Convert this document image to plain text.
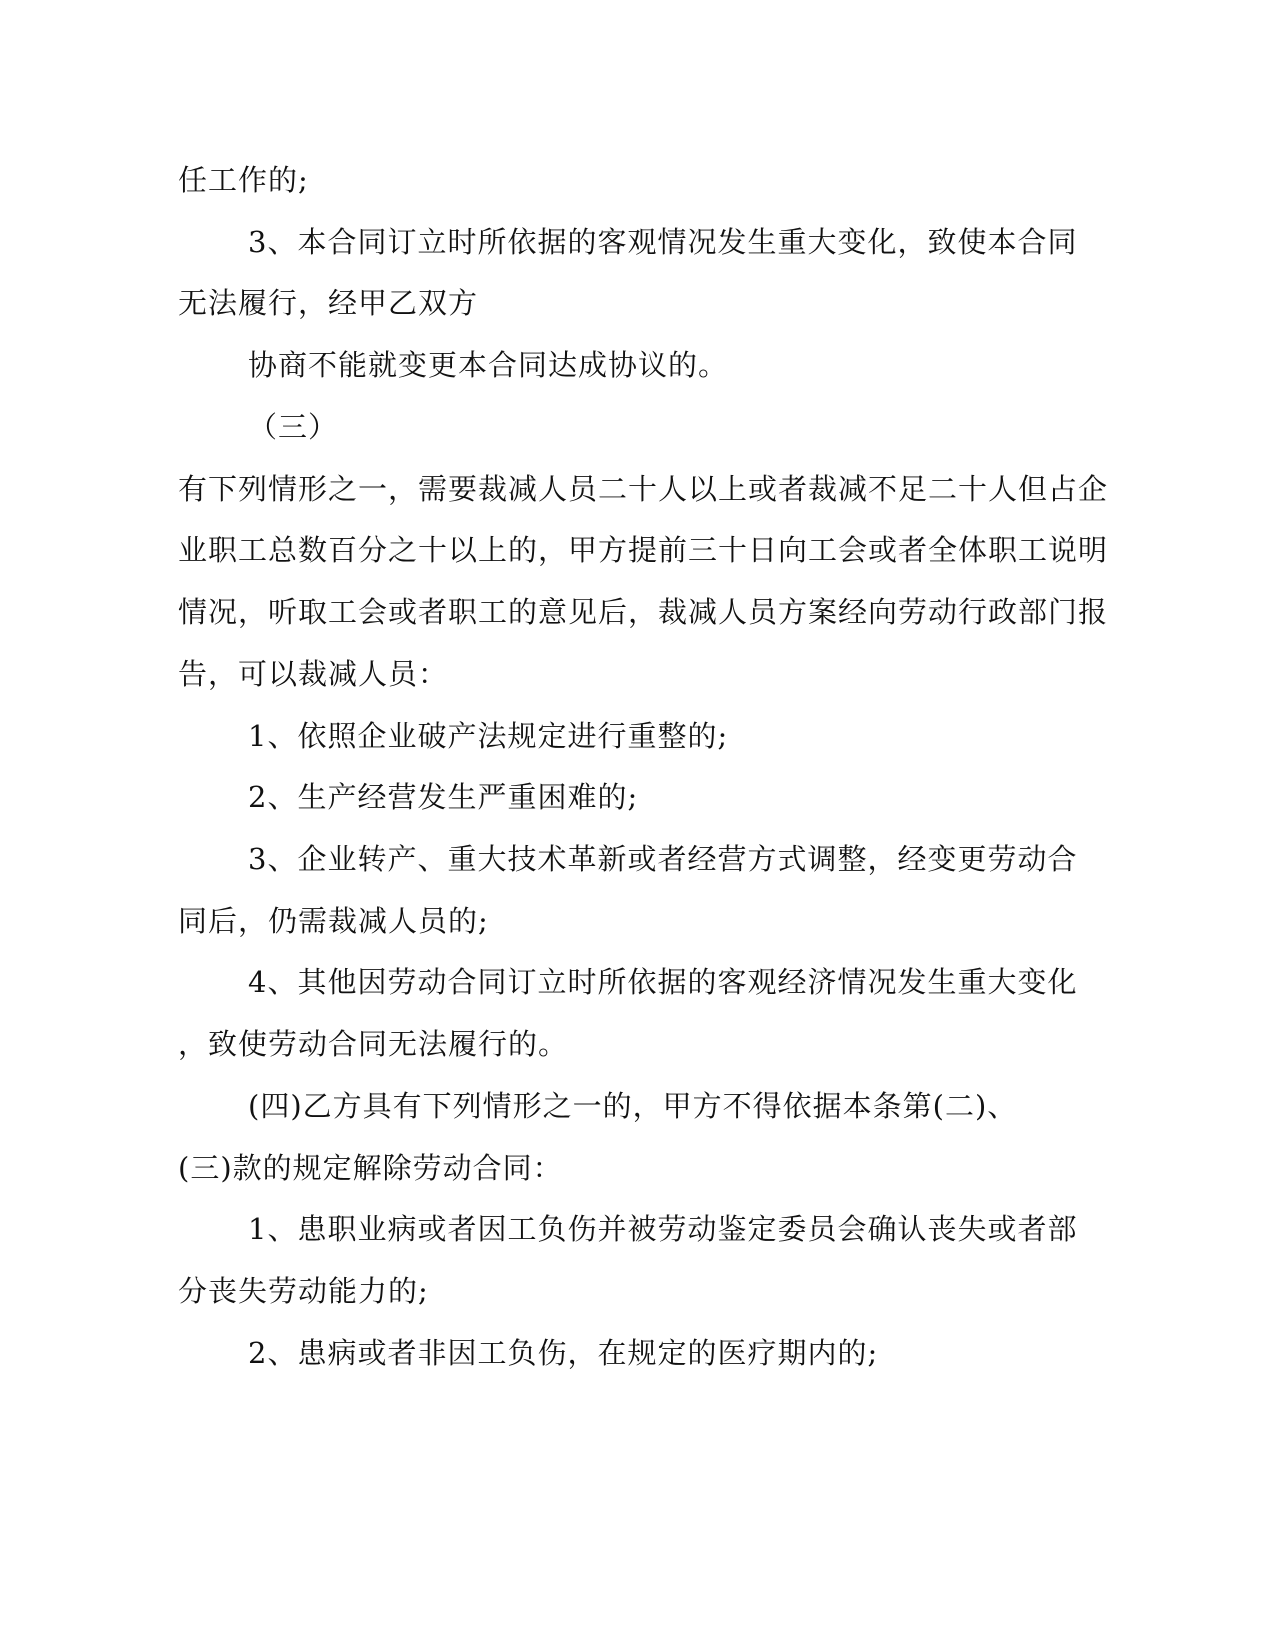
任工作的;
3、本合同订立时所依据的客观情况发生重大变化，致使本合同
无法履行，经甲乙双方
协商不能就变更本合同达成协议的。
（三）
有下列情形之一，需要裁减人员二十人以上或者裁减不足二十人但占企
业职工总数百分之十以上的，甲方提前三十日向工会或者全体职工说明
情况，听取工会或者职工的意见后，裁减人员方案经向劳动行政部门报
告，可以裁减人员：
1、依照企业破产法规定进行重整的;
2、生产经营发生严重困难的;
3、企业转产、重大技术革新或者经营方式调整，经变更劳动合
同后，仍需裁减人员的;
4、其他因劳动合同订立时所依据的客观经济情况发生重大变化
，致使劳动合同无法履行的。
(四)乙方具有下列情形之一的，甲方不得依据本条第(二)、
(三)款的规定解除劳动合同：
1、患职业病或者因工负伤并被劳动鉴定委员会确认丧失或者部
分丧失劳动能力的;
2、患病或者非因工负伤，在规定的医疗期内的;
